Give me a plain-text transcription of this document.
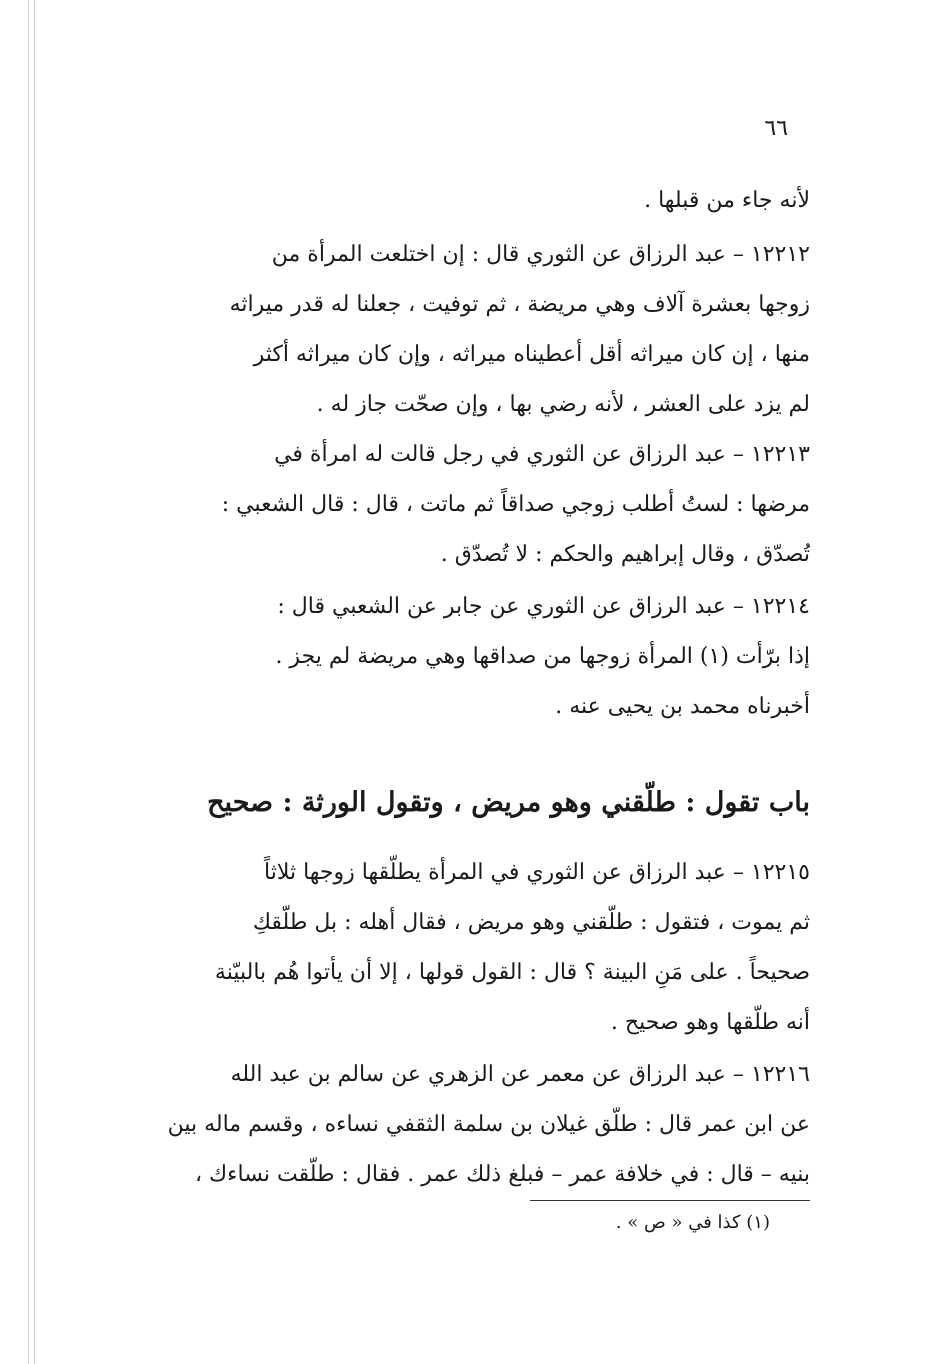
٦٦
لأنه جاء من قبلها .
١٢٢١٢ – عبد الرزاق عن الثوري قال : إن اختلعت المرأة من
زوجها بعشرة آلاف وهي مريضة ، ثم توفيت ، جعلنا له قدر ميراثه
منها ، إن كان ميراثه أقل أعطيناه ميراثه ، وإن كان ميراثه أكثر
لم يزد على العشر ، لأنه رضي بها ، وإن صحّت جاز له .
١٢٢١٣ – عبد الرزاق عن الثوري في رجل قالت له امرأة في
مرضها : لستُ أطلب زوجي صداقاً ثم ماتت ، قال : قال الشعبي :
تُصدّق ، وقال إبراهيم والحكم : لا تُصدّق .
١٢٢١٤ – عبد الرزاق عن الثوري عن جابر عن الشعبي قال :
إذا برّأت (١) المرأة زوجها من صداقها وهي مريضة لم يجز .
أخبرناه محمد بن يحيى عنه .
باب تقول : طلّقني وهو مريض ، وتقول الورثة : صحيح
١٢٢١٥ – عبد الرزاق عن الثوري في المرأة يطلّقها زوجها ثلاثاً
ثم يموت ، فتقول : طلّقني وهو مريض ، فقال أهله : بل طلّقكِ
صحيحاً . على مَنِ البينة ؟ قال : القول قولها ، إلا أن يأتوا هُم بالبيّنة
أنه طلّقها وهو صحيح .
١٢٢١٦ – عبد الرزاق عن معمر عن الزهري عن سالم بن عبد الله
عن ابن عمر قال : طلّق غيلان بن سلمة الثقفي نساءه ، وقسم ماله بين
بنيه – قال : في خلافة عمر – فبلغ ذلك عمر . فقال : طلّقت نساءك ،
(١) كذا في « ص » .
